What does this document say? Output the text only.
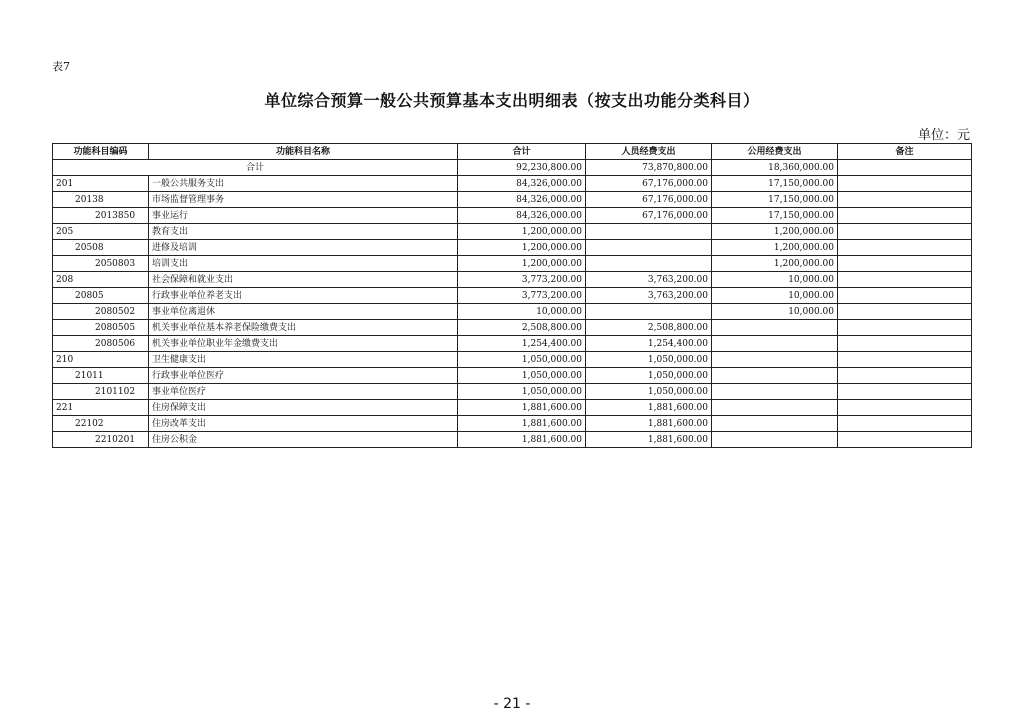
表7
单位综合预算一般公共预算基本支出明细表（按支出功能分类科目）
单位：元
功能科目编码	功能科目名称	合计	人员经费支出	公用经费支出	备注
合计		92,230,800.00	73,870,800.00	18,360,000.00	
201	一般公共服务支出	84,326,000.00	67,176,000.00	17,150,000.00	
20138	市场监督管理事务	84,326,000.00	67,176,000.00	17,150,000.00	
2013850	事业运行	84,326,000.00	67,176,000.00	17,150,000.00	
205	教育支出	1,200,000.00		1,200,000.00	
20508	进修及培训	1,200,000.00		1,200,000.00	
2050803	培训支出	1,200,000.00		1,200,000.00	
208	社会保障和就业支出	3,773,200.00	3,763,200.00	10,000.00	
20805	行政事业单位养老支出	3,773,200.00	3,763,200.00	10,000.00	
2080502	事业单位离退休	10,000.00		10,000.00	
2080505	机关事业单位基本养老保险缴费支出	2,508,800.00	2,508,800.00		
2080506	机关事业单位职业年金缴费支出	1,254,400.00	1,254,400.00		
210	卫生健康支出	1,050,000.00	1,050,000.00		
21011	行政事业单位医疗	1,050,000.00	1,050,000.00		
2101102	事业单位医疗	1,050,000.00	1,050,000.00		
221	住房保障支出	1,881,600.00	1,881,600.00		
22102	住房改革支出	1,881,600.00	1,881,600.00		
2210201	住房公积金	1,881,600.00	1,881,600.00		
- 21 -
